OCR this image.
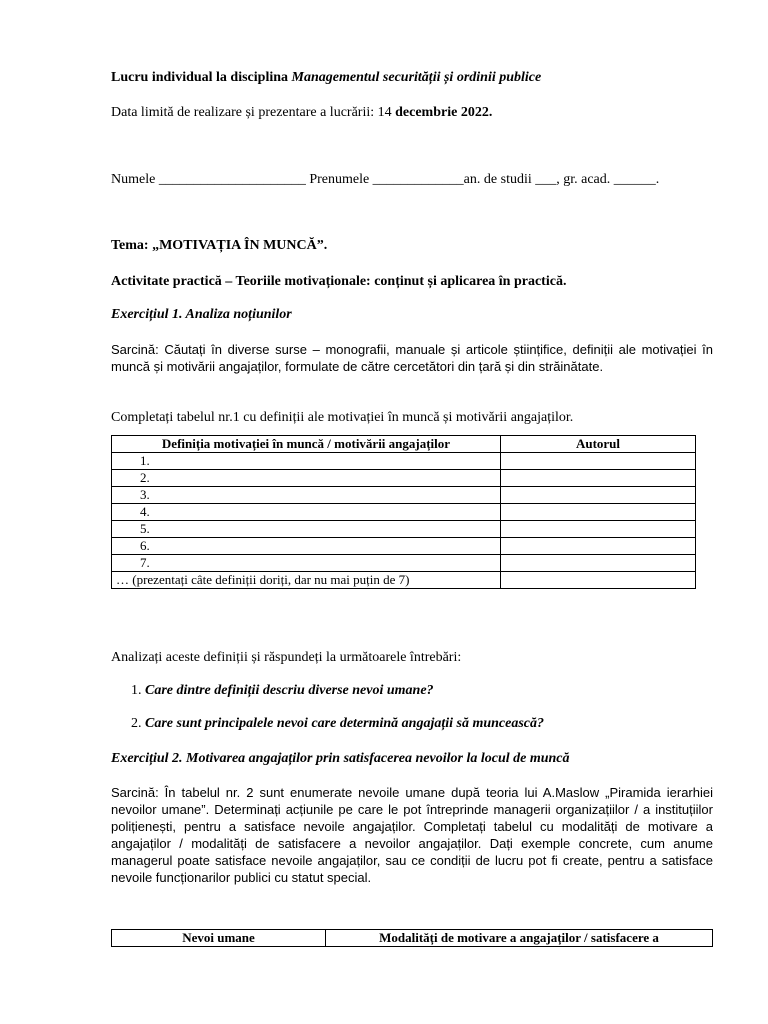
Lucru individual la disciplina Managementul securității și ordinii publice
Data limită de realizare și prezentare a lucrării: 14 decembrie 2022.
Numele _____________________ Prenumele _____________an. de studii ___, gr. acad. ______.
Tema: „MOTIVAȚIA ÎN MUNCĂ”.
Activitate practică – Teoriile motivaționale: conținut și aplicarea în practică.
Exercițiul 1. Analiza noțiunilor
Sarcină: Căutați în diverse surse – monografii, manuale și articole științifice, definiții ale motivației în muncă și motivării angajaților, formulate de către cercetători din țară și din străinătate.
Completați tabelul nr.1 cu definiții ale motivației în muncă și motivării angajaților.
Definiția motivației în muncă / motivării angajaților	Autorul
1.	
2.	
3.	
4.	
5.	
6.	
7.	
… (prezentați câte definiții doriți, dar nu mai puțin de 7)	
Analizați aceste definiții și răspundeți la următoarele întrebări:
1. Care dintre definiții descriu diverse nevoi umane?
2. Care sunt principalele nevoi care determină angajații să muncească?
Exercițiul 2. Motivarea angajaților prin satisfacerea nevoilor la locul de muncă
Sarcină: În tabelul nr. 2 sunt enumerate nevoile umane după teoria lui A.Maslow „Piramida ierarhiei nevoilor umane”. Determinați acțiunile pe care le pot întreprinde managerii organizațiilor / a instituțiilor polițienești, pentru a satisface nevoile angajaților. Completați tabelul cu modalități de motivare a angajaților / modalități de satisfacere a nevoilor angajaților. Dați exemple concrete, cum anume managerul poate satisface nevoile angajaților, sau ce condiții de lucru pot fi create, pentru a satisface nevoile funcționarilor publici cu statut special.
Nevoi umane	Modalități de motivare a angajaților / satisfacere a
